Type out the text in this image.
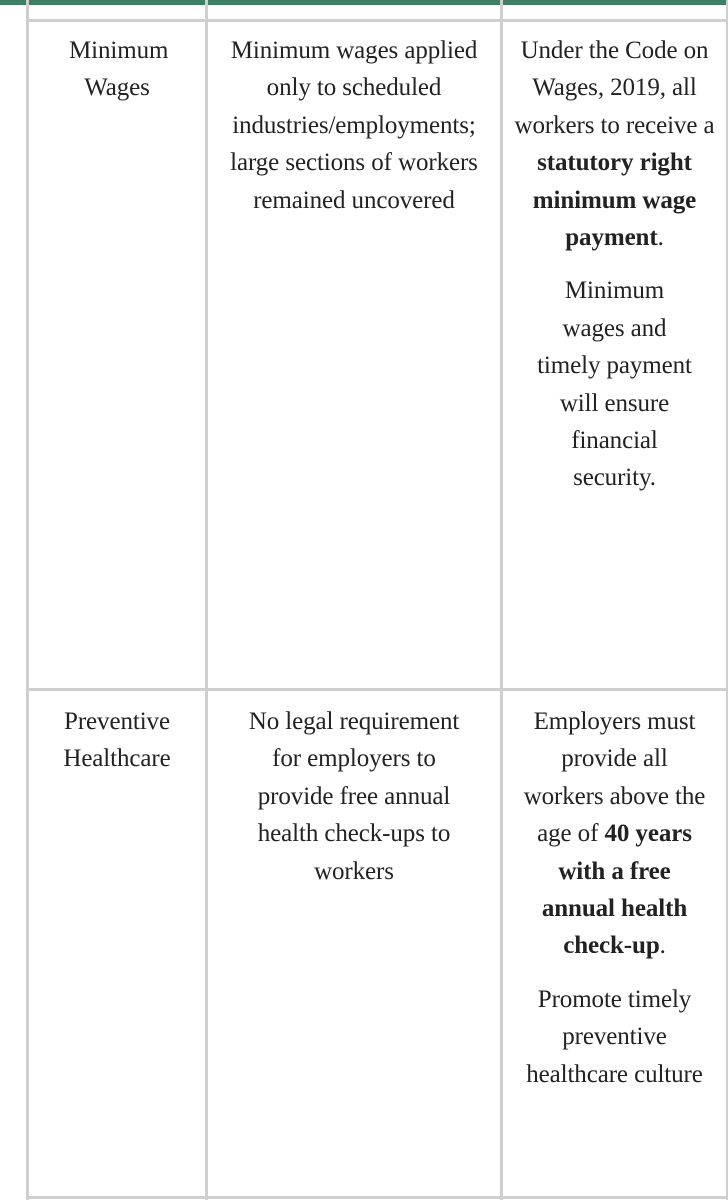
Minimum Wages

Minimum wages applied only to scheduled industries/employments; large sections of workers remained uncovered

Under the Code on Wages, 2019, all workers to receive a statutory right minimum wage payment.

Minimum wages and timely payment will ensure financial security.

Preventive Healthcare

No legal requirement for employers to provide free annual health check-ups to workers

Employers must provide all workers above the age of 40 years with a free annual health check-up.

Promote timely preventive healthcare culture
